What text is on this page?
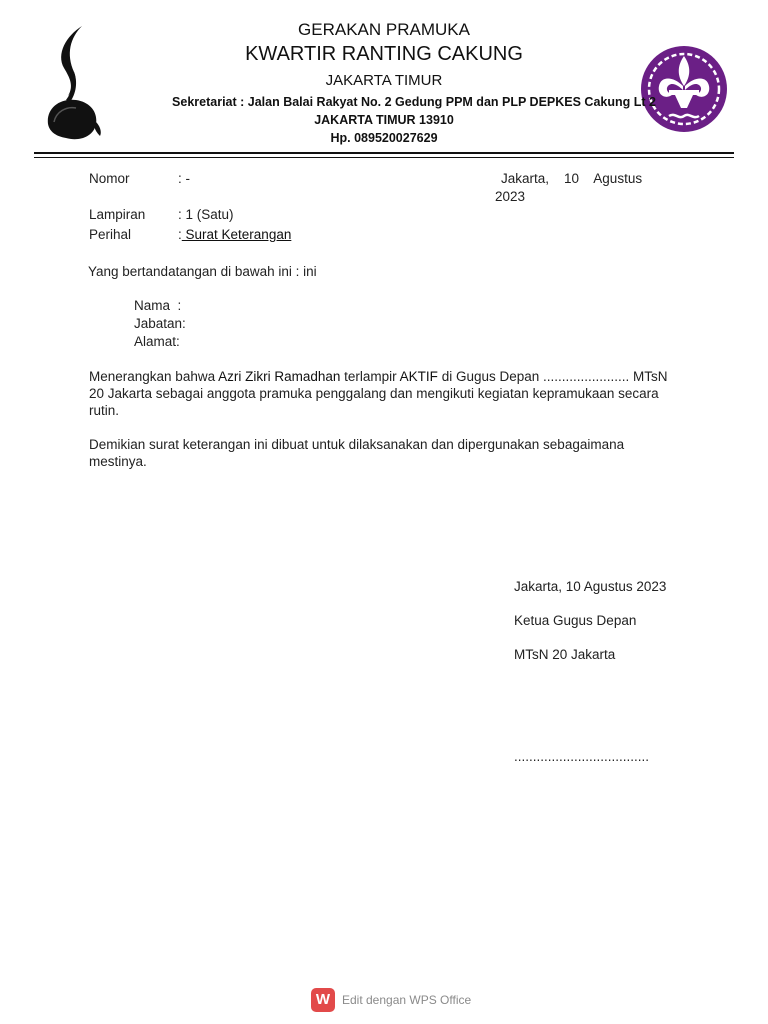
GERAKAN PRAMUKA
KWARTIR RANTING CAKUNG
JAKARTA TIMUR
Sekretariat : Jalan Balai Rakyat No. 2 Gedung PPM dan PLP DEPKES Cakung Lt 2
JAKARTA TIMUR 13910
Hp. 089520027629
Nomor	: -	Jakarta,    10    Agustus
2023
Lampiran : 1 (Satu)
Perihal	: Surat Keterangan
Yang bertandatangan di bawah ini : ini
Nama  :
Jabatan:
Alamat:
Menerangkan bahwa Azri Zikri Ramadhan terlampir AKTIF di Gugus Depan ....................... MTsN 20 Jakarta sebagai anggota pramuka penggalang dan mengikuti kegiatan kepramukaan secara rutin.
Demikian surat keterangan ini dibuat untuk dilaksanakan dan dipergunakan sebagaimana mestinya.
Jakarta, 10 Agustus 2023
Ketua Gugus Depan
MTsN 20 Jakarta
....................................
W Edit dengan WPS Office
